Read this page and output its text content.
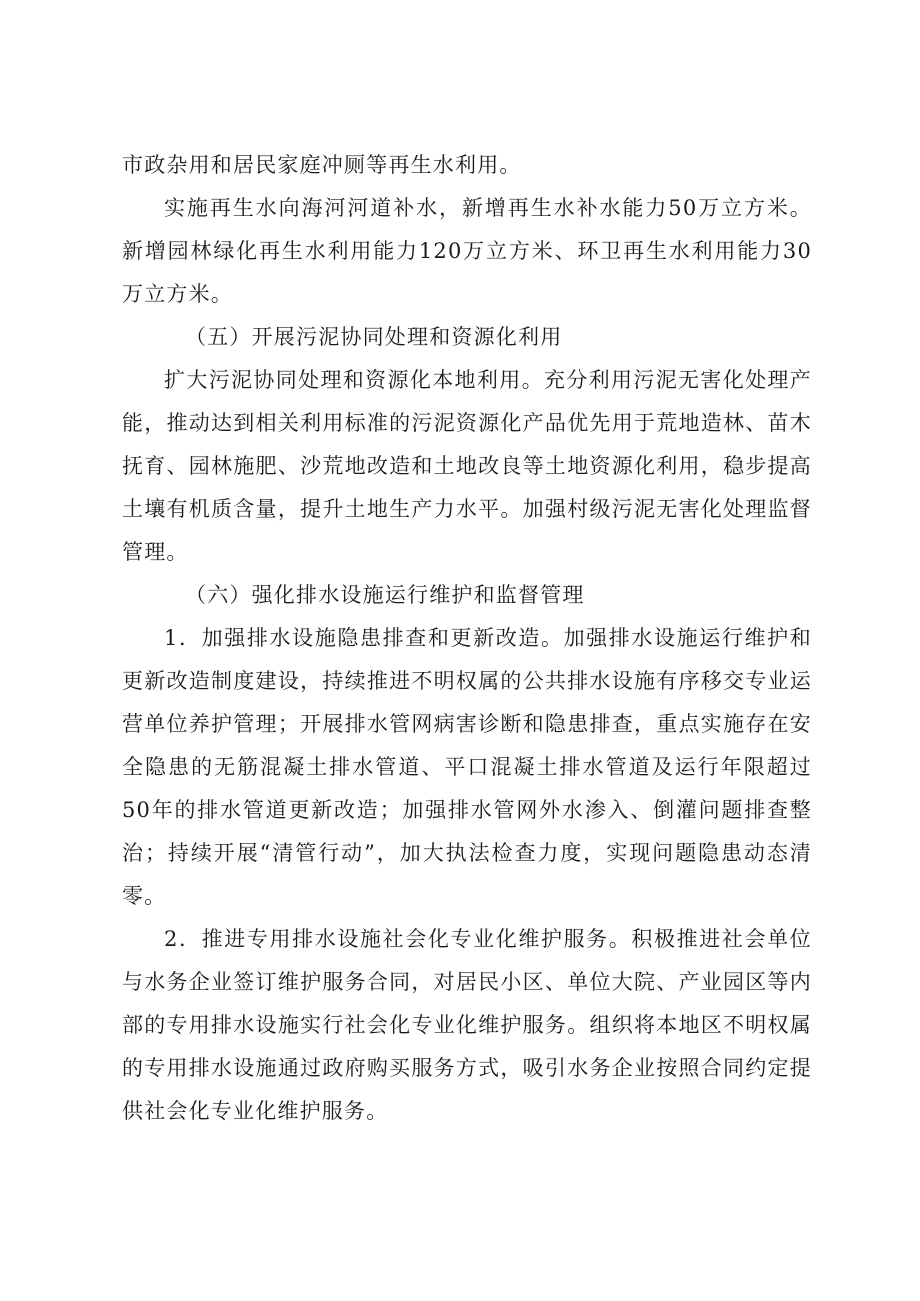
市政杂用和居民家庭冲厕等再生水利用。

实施再生水向海河河道补水，新增再生水补水能力50万立方米。新增园林绿化再生水利用能力120万立方米、环卫再生水利用能力30万立方米。

（五）开展污泥协同处理和资源化利用

扩大污泥协同处理和资源化本地利用。充分利用污泥无害化处理产能，推动达到相关利用标准的污泥资源化产品优先用于荒地造林、苗木抚育、园林施肥、沙荒地改造和土地改良等土地资源化利用，稳步提高土壤有机质含量，提升土地生产力水平。加强村级污泥无害化处理监督管理。

（六）强化排水设施运行维护和监督管理

1．加强排水设施隐患排查和更新改造。加强排水设施运行维护和更新改造制度建设，持续推进不明权属的公共排水设施有序移交专业运营单位养护管理；开展排水管网病害诊断和隐患排查，重点实施存在安全隐患的无筋混凝土排水管道、平口混凝土排水管道及运行年限超过50年的排水管道更新改造；加强排水管网外水渗入、倒灌问题排查整治；持续开展“清管行动”，加大执法检查力度，实现问题隐患动态清零。

2．推进专用排水设施社会化专业化维护服务。积极推进社会单位与水务企业签订维护服务合同，对居民小区、单位大院、产业园区等内部的专用排水设施实行社会化专业化维护服务。组织将本地区不明权属的专用排水设施通过政府购买服务方式，吸引水务企业按照合同约定提供社会化专业化维护服务。
